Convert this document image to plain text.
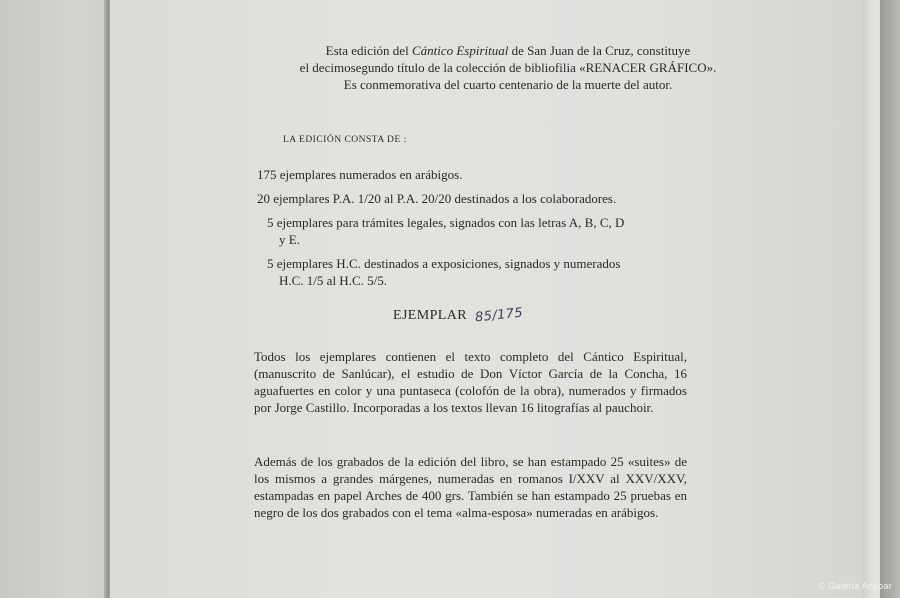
Esta edición del Cántico Espiritual de San Juan de la Cruz, constituye
el decimosegundo título de la colección de bibliofilia «RENACER GRÁFICO».
Es conmemorativa del cuarto centenario de la muerte del autor.
LA EDICIÓN CONSTA DE :
175 ejemplares numerados en arábigos.
20 ejemplares P.A. 1/20 al P.A. 20/20 destinados a los colaboradores.
5 ejemplares para trámites legales, signados con las letras A, B, C, D
y E.
5 ejemplares H.C. destinados a exposiciones, signados y numerados
H.C. 1/5 al H.C. 5/5.
EJEMPLAR 85/175
Todos los ejemplares contienen el texto completo del Cántico Espiritual, (manuscrito de Sanlúcar), el estudio de Don Víctor García de la Concha, 16 aguafuertes en color y una puntaseca (colofón de la obra), numerados y firmados por Jorge Castillo. Incorporadas a los textos llevan 16 litografías al pauchoir.
Además de los grabados de la edición del libro, se han estampado 25 «suites» de los mismos a grandes márgenes, numeradas en romanos I/XXV al XXV/XXV, estampadas en papel Arches de 400 grs. También se han estampado 25 pruebas en negro de los dos grabados con el tema «alma-esposa» numeradas en arábigos.
© Galeria Ansoar
